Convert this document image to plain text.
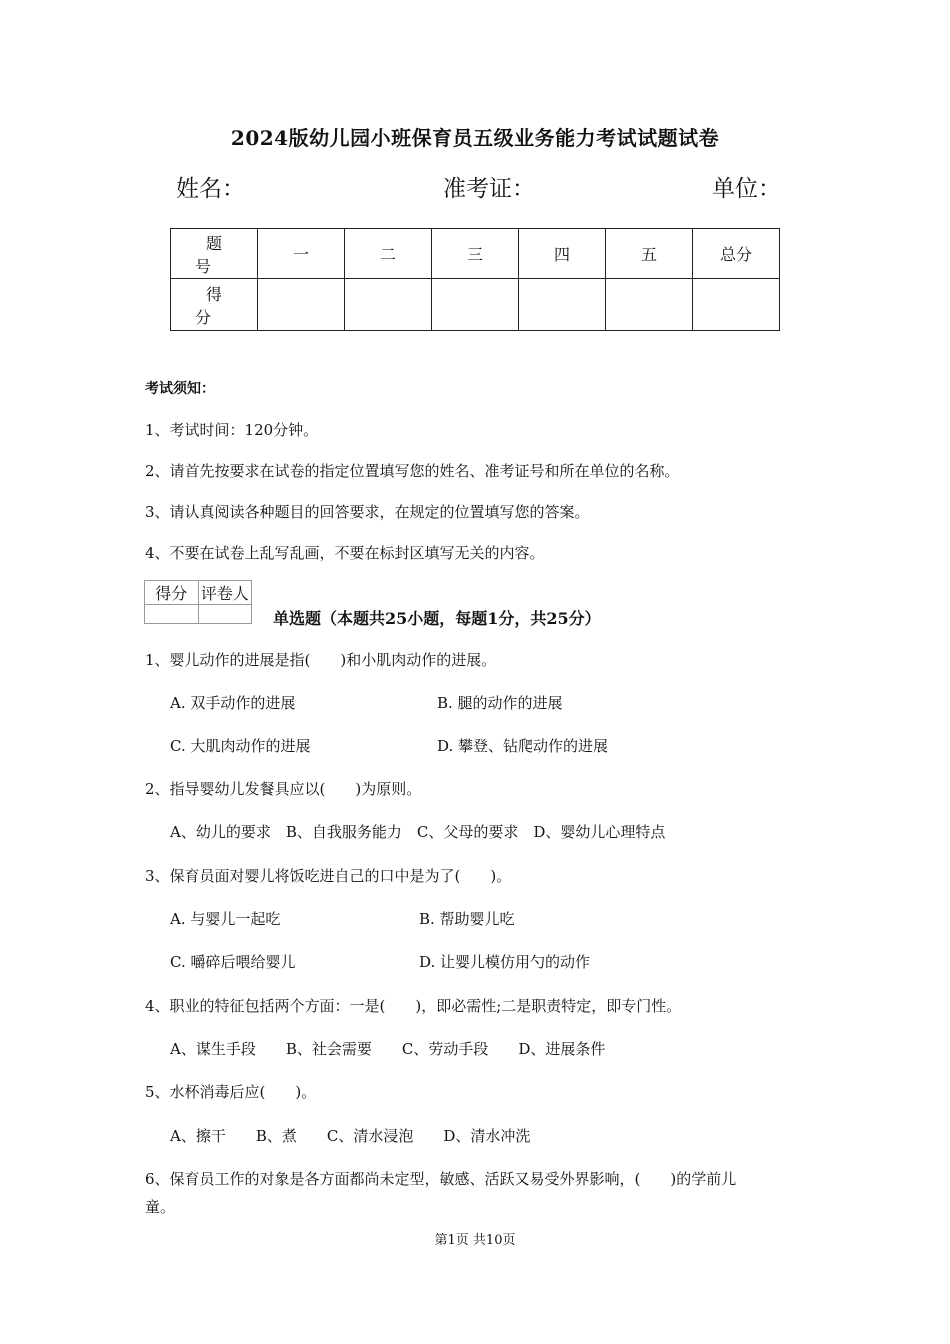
2024版幼儿园小班保育员五级业务能力考试试题试卷
姓名：	准考证：	单位：
题号	一	二	三	四	五	总分
得分						
考试须知：
1、考试时间：120分钟。
2、请首先按要求在试卷的指定位置填写您的姓名、准考证号和所在单位的名称。
3、请认真阅读各种题目的回答要求，在规定的位置填写您的答案。
4、不要在试卷上乱写乱画，不要在标封区填写无关的内容。
得分	评卷人

单选题（本题共25小题，每题1分，共25分）
1、婴儿动作的进展是指(　　)和小肌肉动作的进展。
A. 双手动作的进展	B. 腿的动作的进展
C. 大肌肉动作的进展	D. 攀登、钻爬动作的进展
2、指导婴幼儿发餐具应以(　　)为原则。
A、幼儿的要求　B、自我服务能力　C、父母的要求　D、婴幼儿心理特点
3、保育员面对婴儿将饭吃进自己的口中是为了(　　)。
A. 与婴儿一起吃	B. 帮助婴儿吃
C. 嚼碎后喂给婴儿	D. 让婴儿模仿用勺的动作
4、职业的特征包括两个方面：一是(　　)，即必需性;二是职责特定，即专门性。
A、谋生手段　　B、社会需要　　C、劳动手段　　D、进展条件
5、水杯消毒后应(　　)。
A、擦干　　B、煮　　C、清水浸泡　　D、清水冲洗
6、保育员工作的对象是各方面都尚未定型，敏感、活跃又易受外界影响，(　　)的学前儿
童。
第1页 共10页
